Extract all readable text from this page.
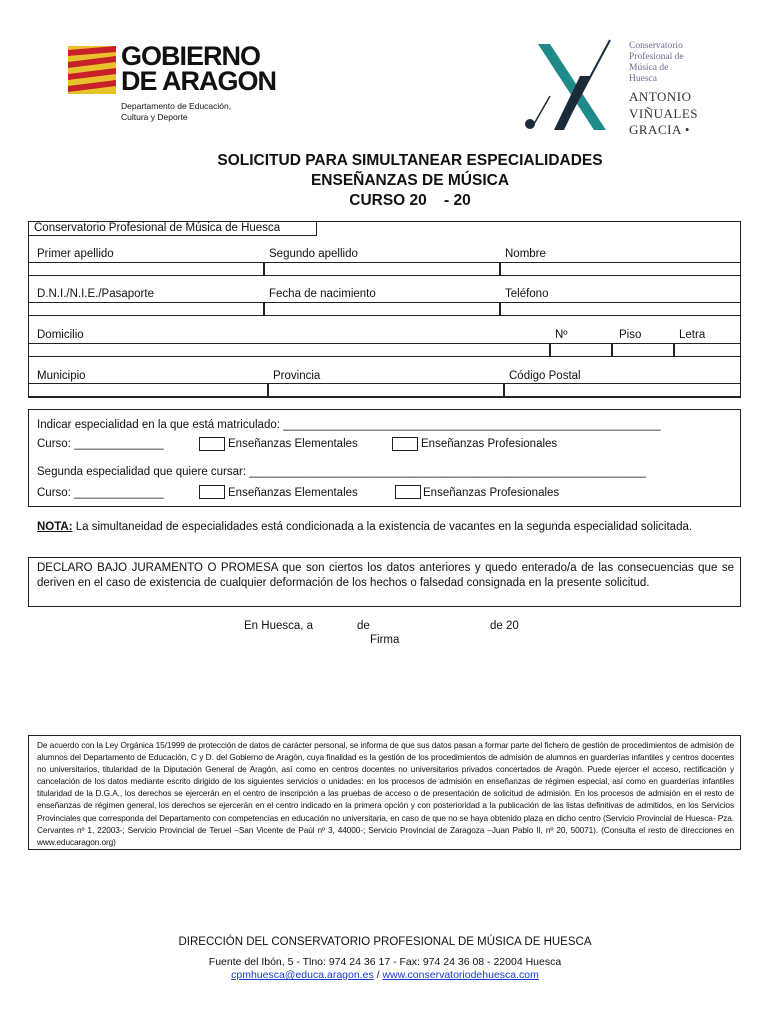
GOBIERNO
DE ARAGON
Departamento de Educación,
Cultura y Deporte
Conservatorio
Profesional de
Música de
Huesca
ANTONIO
VIÑUALES
GRACIA •
SOLICITUD PARA SIMULTANEAR ESPECIALIDADES
ENSEÑANZAS DE MÚSICA
CURSO 20    - 20
Conservatorio Profesional de Música de Huesca
Primer apellido	Segundo apellido	Nombre
D.N.I./N.I.E./Pasaporte	Fecha de nacimiento	Teléfono
Domicilio	Nº	Piso	Letra
Municipio	Provincia	Código Postal
Indicar especialidad en la que está matriculado: ___________________________________________________________
Curso: ______________	Enseñanzas Elementales	Enseñanzas Profesionales
Segunda especialidad que quiere cursar: ______________________________________________________________
Curso: ______________	Enseñanzas Elementales	Enseñanzas Profesionales
NOTA: La simultaneidad de especialidades está condicionada a la existencia de vacantes en la segunda especialidad solicitada.
DECLARO BAJO JURAMENTO O PROMESA que son ciertos los datos anteriores y quedo enterado/a de las consecuencias que se deriven en el caso de existencia de cualquier deformación de los hechos o falsedad consignada en la presente solicitud.
En Huesca, a	de	de 20
Firma
De acuerdo con la Ley Orgánica 15/1999 de protección de datos de carácter personal, se informa de que sus datos pasan a formar parte del fichero de gestión de procedimientos de admisión de alumnos del Departamento de Educación, C y D. del Gobierno de Aragón, cuya finalidad es la gestión de los procedimientos de admisión de alumnos en guarderías infantiles y centros docentes no universitarios, titularidad de la Diputación General de Aragón, así como en centros docentes no universitarios privados concertados de Aragón. Puede ejercer el acceso, rectificación y cancelación de los datos mediante escrito dirigido de los siguientes servicios o unidades: en los procesos de admisión en enseñanzas de régimen especial, así como en guarderías infantiles titularidad de la D.G.A., los derechos se ejercerán en el centro de inscripción a las pruebas de acceso o de presentación de solicitud de admisión. En los procesos de admisión en el resto de enseñanzas de régimen general, los derechos se ejercerán en el centro indicado en la primera opción y con posterioridad a la publicación de las listas definitivas de admitidos, en los Servicios Provinciales que corresponda del Departamento con competencias en educación no universitaria, en caso de que no se haya obtenido plaza en dicho centro (Servicio Provincial de Huesca- Pza. Cervantes nº 1, 22003-; Servicio Provincial de Teruel –San Vicente de Paúl nº 3, 44000-; Servicio Provincial de Zaragoza –Juan Pablo II, nº 20, 50071). (Consulta el resto de direcciones en www.educaragon.org)
DIRECCIÓN DEL CONSERVATORIO PROFESIONAL DE MÚSICA DE HUESCA
Fuente del Ibón, 5 - Tlno: 974 24 36 17 - Fax: 974 24 36 08 - 22004 Huesca
cpmhuesca@educa.aragon.es / www.conservatoriodehuesca.com
